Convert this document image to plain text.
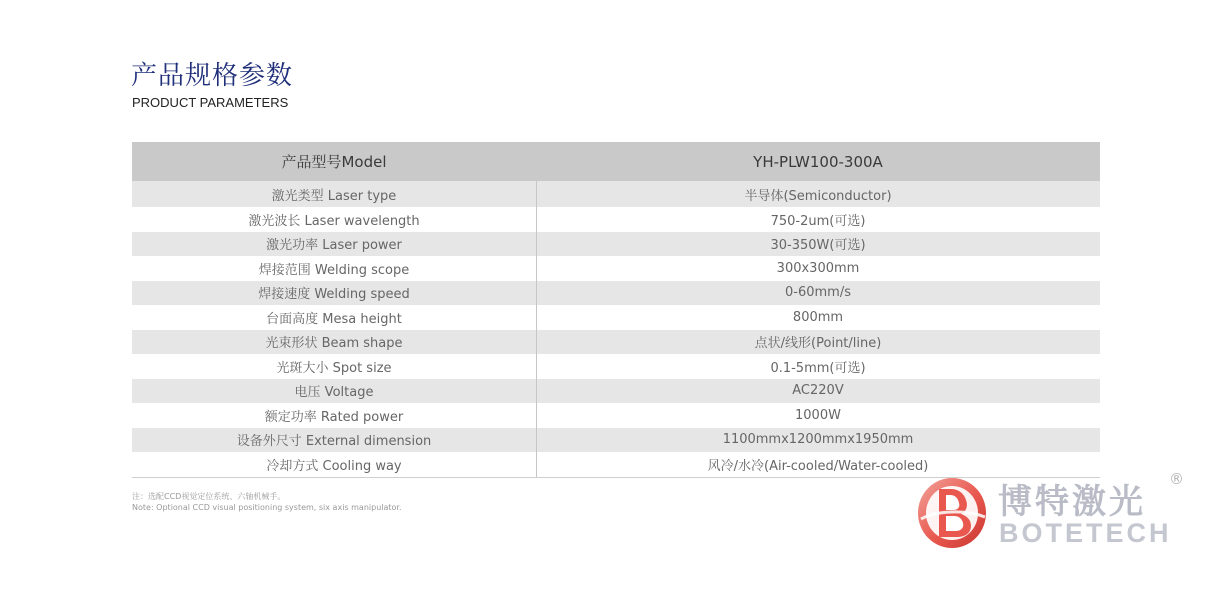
产品规格参数
PRODUCT PARAMETERS
产品型号Model	YH-PLW100-300A
激光类型 Laser type	半导体(Semiconductor)
激光波长 Laser wavelength	750-2um(可选)
激光功率 Laser power	30-350W(可选)
焊接范围 Welding scope	300x300mm
焊接速度 Welding speed	0-60mm/s
台面高度 Mesa height	800mm
光束形状 Beam shape	点状/线形(Point/line)
光斑大小 Spot size	0.1-5mm(可选)
电压 Voltage	AC220V
额定功率 Rated power	1000W
设备外尺寸 External dimension	1100mmx1200mmx1950mm
冷却方式 Cooling way	风冷/水冷(Air-cooled/Water-cooled)
注：选配CCD视觉定位系统、六轴机械手。
Note: Optional CCD visual positioning system, six axis manipulator.	博特激光
BOTETECH
®
